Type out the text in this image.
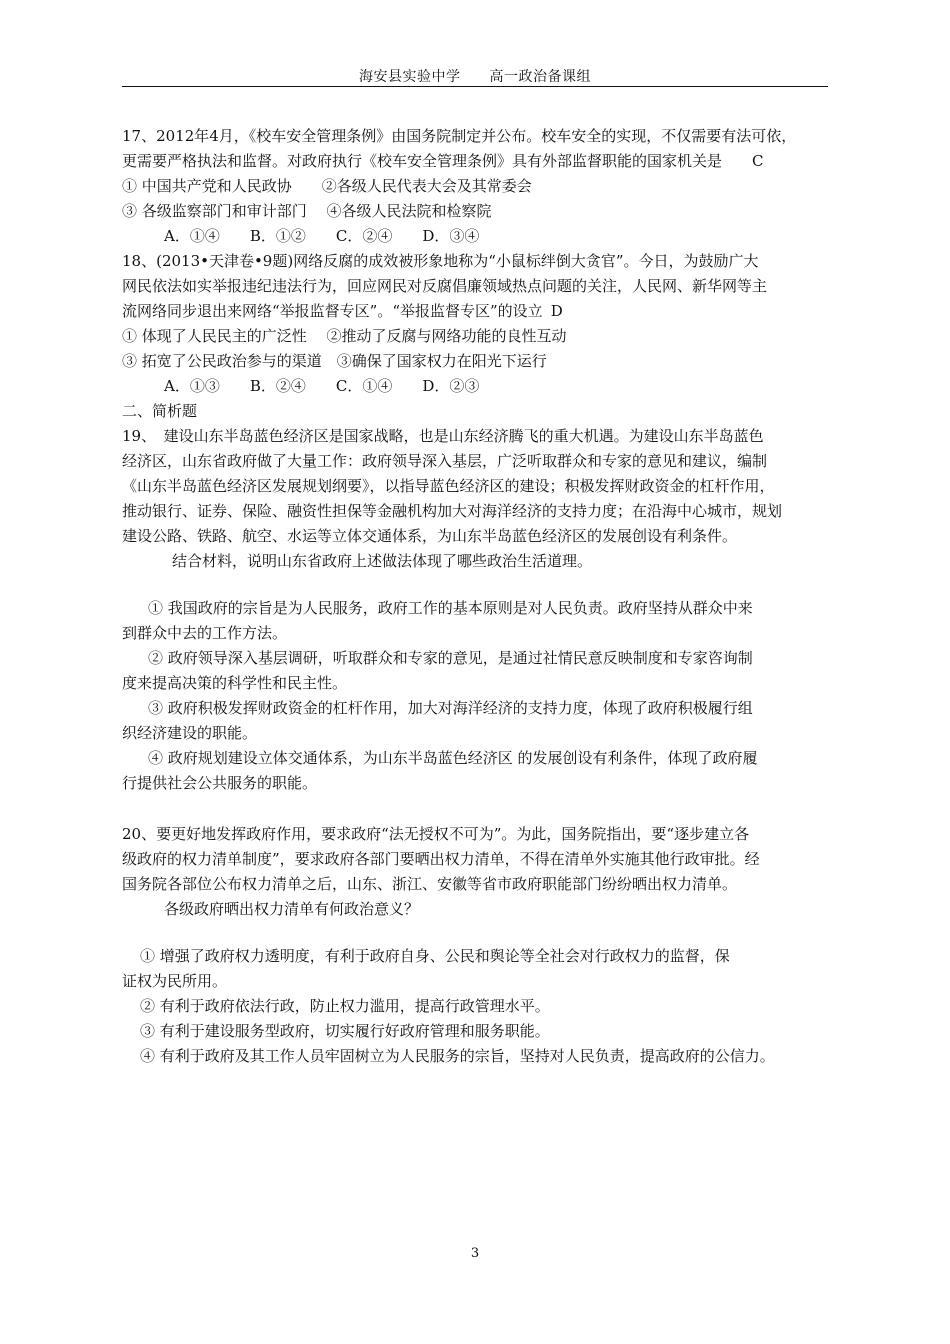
海安县实验中学　　高一政治备课组
17、2012年4月，《校车安全管理条例》由国务院制定并公布。校车安全的实现，不仅需要有法可依，
更需要严格执法和监督。对政府执行《校车安全管理条例》具有外部监督职能的国家机关是 C
① 中国共产党和人民政协　　②各级人民代表大会及其常委会
③ 各级监察部门和审计部门　 ④各级人民法院和检察院
A．①④　　B．①②　　C．②④　　D．③④
18、(2013•天津卷•9题)网络反腐的成效被形象地称为“小鼠标绊倒大贪官”。今日，为鼓励广大
网民依法如实举报违纪违法行为，回应网民对反腐倡廉领域热点问题的关注，人民网、新华网等主
流网络同步退出来网络“举报监督专区”。“举报监督专区”的设立 D
① 体现了人民民主的广泛性　 ②推动了反腐与网络功能的良性互动
③ 拓宽了公民政治参与的渠道　③确保了国家权力在阳光下运行
A．①③　　B．②④　　C．①④　　D．②③
二、简析题
19、　建设山东半岛蓝色经济区是国家战略，也是山东经济腾飞的重大机遇。为建设山东半岛蓝色
经济区，山东省政府做了大量工作：政府领导深入基层，广泛听取群众和专家的意见和建议，编制
《山东半岛蓝色经济区发展规划纲要》，以指导蓝色经济区的建设；积极发挥财政资金的杠杆作用，
推动银行、证券、保险、融资性担保等金融机构加大对海洋经济的支持力度；在沿海中心城市，规划
建设公路、铁路、航空、水运等立体交通体系，为山东半岛蓝色经济区的发展创设有利条件。
结合材料，说明山东省政府上述做法体现了哪些政治生活道理。
① 我国政府的宗旨是为人民服务，政府工作的基本原则是对人民负责。政府坚持从群众中来
到群众中去的工作方法。
② 政府领导深入基层调研，听取群众和专家的意见，是通过社情民意反映制度和专家咨询制
度来提高决策的科学性和民主性。
③ 政府积极发挥财政资金的杠杆作用，加大对海洋经济的支持力度，体现了政府积极履行组
织经济建设的职能。
④ 政府规划建设立体交通体系，为山东半岛蓝色经济区 的发展创设有利条件，体现了政府履
行提供社会公共服务的职能。
20、要更好地发挥政府作用，要求政府“法无授权不可为”。为此，国务院指出，要“逐步建立各
级政府的权力清单制度”，要求政府各部门要晒出权力清单，不得在清单外实施其他行政审批。经
国务院各部位公布权力清单之后，山东、浙江、安徽等省市政府职能部门纷纷晒出权力清单。
各级政府晒出权力清单有何政治意义？
① 增强了政府权力透明度，有利于政府自身、公民和舆论等全社会对行政权力的监督，保
证权为民所用。
② 有利于政府依法行政，防止权力滥用，提高行政管理水平。
③ 有利于建设服务型政府，切实履行好政府管理和服务职能。
④ 有利于政府及其工作人员牢固树立为人民服务的宗旨，坚持对人民负责，提高政府的公信力。
3
